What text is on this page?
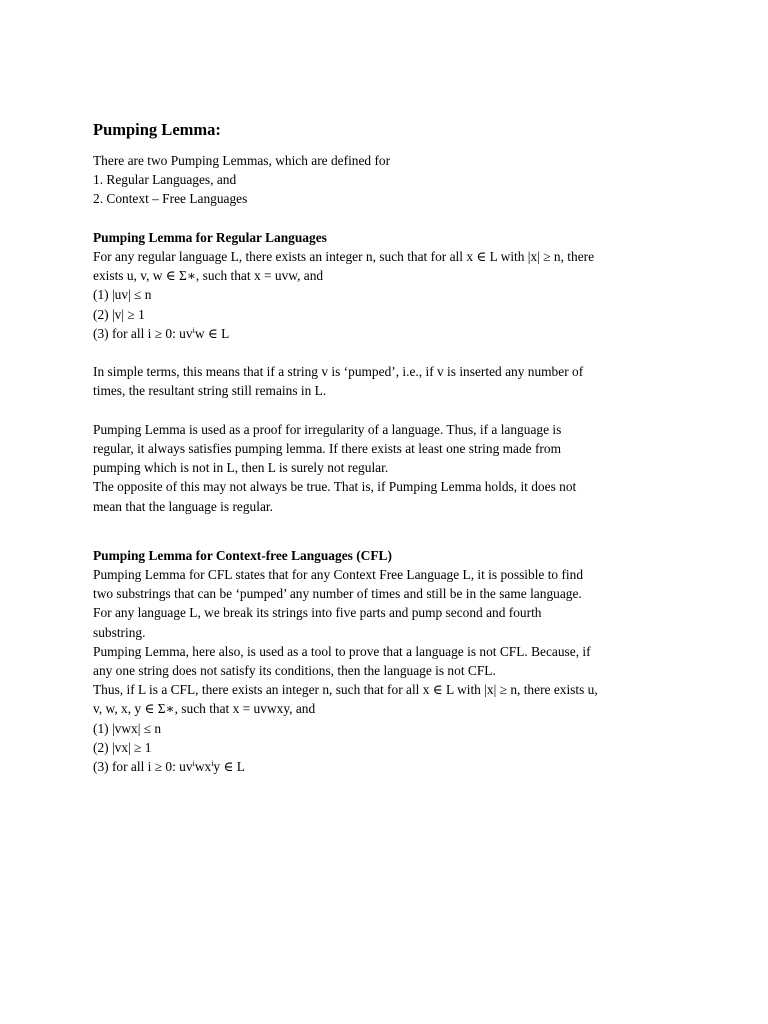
Pumping Lemma:
There are two Pumping Lemmas, which are defined for
1. Regular Languages, and
2. Context – Free Languages
Pumping Lemma for Regular Languages
For any regular language L, there exists an integer n, such that for all x ∈ L with |x| ≥ n, there
exists u, v, w ∈ Σ∗, such that x = uvw, and
(1) |uv| ≤ n
(2) |v| ≥ 1
(3) for all i ≥ 0: $uv^iw$ ∈ L
In simple terms, this means that if a string v is ‘pumped’, i.e., if v is inserted any number of
times, the resultant string still remains in L.
Pumping Lemma is used as a proof for irregularity of a language. Thus, if a language is
regular, it always satisfies pumping lemma. If there exists at least one string made from
pumping which is not in L, then L is surely not regular.
The opposite of this may not always be true. That is, if Pumping Lemma holds, it does not
mean that the language is regular.
Pumping Lemma for Context-free Languages (CFL)
Pumping Lemma for CFL states that for any Context Free Language L, it is possible to find
two substrings that can be ‘pumped’ any number of times and still be in the same language.
For any language L, we break its strings into five parts and pump second and fourth
substring.
Pumping Lemma, here also, is used as a tool to prove that a language is not CFL. Because, if
any one string does not satisfy its conditions, then the language is not CFL.
Thus, if L is a CFL, there exists an integer n, such that for all x ∈ L with |x| ≥ n, there exists u,
v, w, x, y ∈ Σ∗, such that x = uvwxy, and
(1) |vwx| ≤ n
(2) |vx| ≥ 1
(3) for all i ≥ 0: $uv^iwx^iy$ ∈ L
